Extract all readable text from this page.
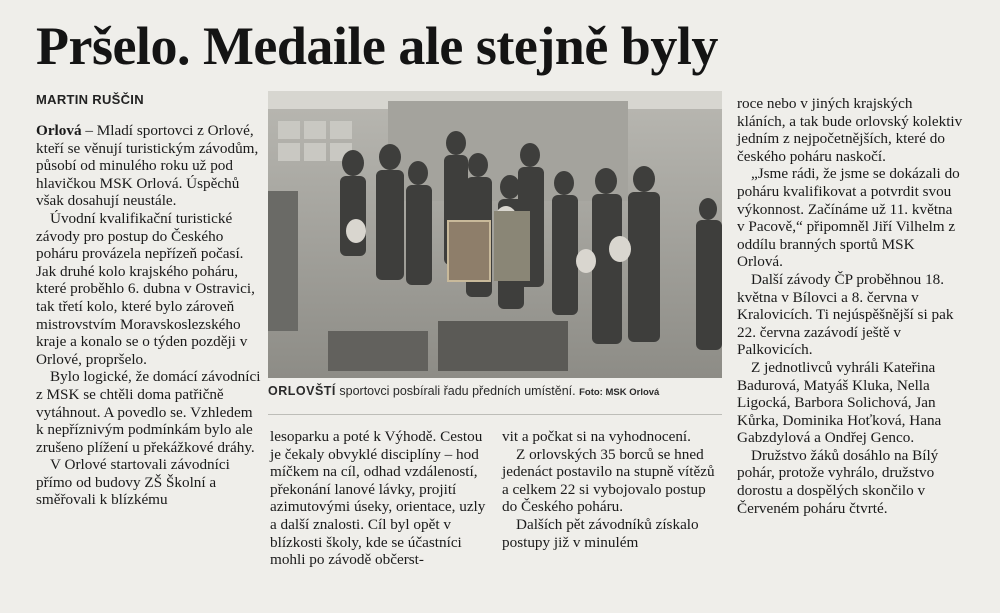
Pršelo. Medaile ale stejně byly
MARTIN RUŠČIN

Orlová – Mladí sportovci z Orlové, kteří se věnují turistickým závodům, působí od minulého roku už pod hlavičkou MSK Orlová. Úspěchů však dosahují neustále.

Úvodní kvalifikační turistické závody pro postup do Českého poháru provázela nepřízeň počasí. Jak druhé kolo krajského poháru, které proběhlo 6. dubna v Ostravici, tak třetí kolo, které bylo zároveň mistrovstvím Moravskoslezského kraje a konalo se o týden později v Orlové, propršelo.

Bylo logické, že domácí závodníci z MSK se chtěli doma patřičně vytáhnout. A povedlo se. Vzhledem k nepříznivým podmínkám bylo ale zrušeno plížení u překážkové dráhy.

V Orlové startovali závodníci přímo od budovy ZŠ Školní a směřovali k blízkému

ORLOVŠTÍ sportovci posbírali řadu předních umístění. Foto: MSK Orlová

lesoparku a poté k Výhodě. Cestou je čekaly obvyklé disciplíny – hod míčkem na cíl, odhad vzdáleností, překonání lanové lávky, projití azimutovými úseky, orientace, uzly a další znalosti. Cíl byl opět v blízkosti školy, kde se účastníci mohli po závodě občerst-

vit a počkat si na vyhodnocení.

Z orlovských 35 borců se hned jedenáct postavilo na stupně vítězů a celkem 22 si vybojovalo postup do Českého poháru.

Dalších pět závodníků získalo postupy již v minulém

roce nebo v jiných krajských kláních, a tak bude orlovský kolektiv jedním z nejpočetnějších, které do českého poháru naskočí.

„Jsme rádi, že jsme se dokázali do poháru kvalifikovat a potvrdit svou výkonnost. Začínáme už 11. května v Pacově,“ připomněl Jiří Vilhelm z oddílu branných sportů MSK Orlová.

Další závody ČP proběhnou 18. května v Bílovci a 8. června v Kralovicích. Ti nejúspěšnější si pak 22. června zazávodí ještě v Palkovicích.

Z jednotlivců vyhráli Kateřina Badurová, Matyáš Kluka, Nella Ligocká, Barbora Solichová, Jan Kůrka, Dominika Hoťková, Hana Gabzdylová a Ondřej Genco.

Družstvo žáků dosáhlo na Bílý pohár, protože vyhrálo, družstvo dorostu a dospělých skončilo v Červeném poháru čtvrté.
